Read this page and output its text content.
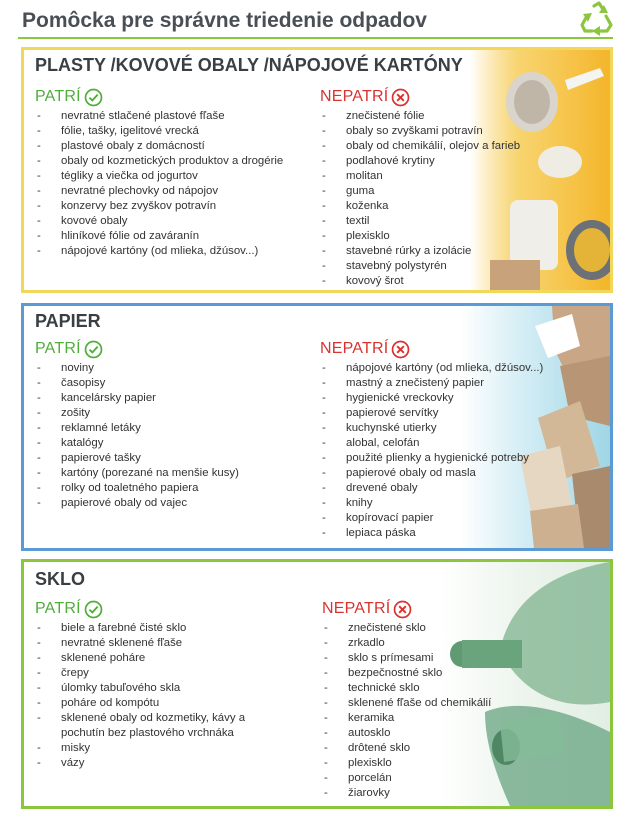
Pomôcka pre správne triedenie odpadov
PLASTY /KOVOVÉ OBALY /NÁPOJOVÉ KARTÓNY
PATRÍ
- nevratné stlačené plastové fľaše
- fólie, tašky, igelitové vrecká
- plastové obaly z domácností
- obaly od kozmetických produktov a drogérie
- tégliky a viečka od jogurtov
- nevratné plechovky od nápojov
- konzervy bez zvyškov potravín
- kovové obaly
- hliníkové fólie od zaváranín
- nápojové kartóny (od mlieka, džúsov...)
NEPATRÍ
- znečistené fólie
- obaly so zvyškami potravín
- obaly od chemikálií, olejov a farieb
- podlahové krytiny
- molitan
- guma
- koženka
- textil
- plexisklo
- stavebné rúrky a izolácie
- stavebný polystyrén
- kovový šrot
PAPIER
PATRÍ
- noviny
- časopisy
- kancelársky papier
- zošity
- reklamné letáky
- katalógy
- papierové tašky
- kartóny (porezané na menšie kusy)
- rolky od toaletného papiera
- papierové obaly od vajec
NEPATRÍ
- nápojové kartóny (od mlieka, džúsov...)
- mastný a znečistený papier
- hygienické vreckovky
- papierové servítky
- kuchynské utierky
- alobal, celofán
- použité plienky a hygienické potreby
- papierové obaly od masla
- drevené obaly
- knihy
- kopírovací papier
- lepiaca páska
SKLO
PATRÍ
- biele a farebné čisté sklo
- nevratné sklenené fľaše
- sklenené poháre
- črepy
- úlomky tabuľového skla
- poháre od kompótu
- sklenené obaly od kozmetiky, kávy a pochutín bez plastového vrchnáka
- misky
- vázy
NEPATRÍ
- znečistené sklo
- zrkadlo
- sklo s prímesami
- bezpečnostné sklo
- technické sklo
- sklenené fľaše od chemikálií
- keramika
- autosklo
- drôtené sklo
- plexisklo
- porcelán
- žiarovky
